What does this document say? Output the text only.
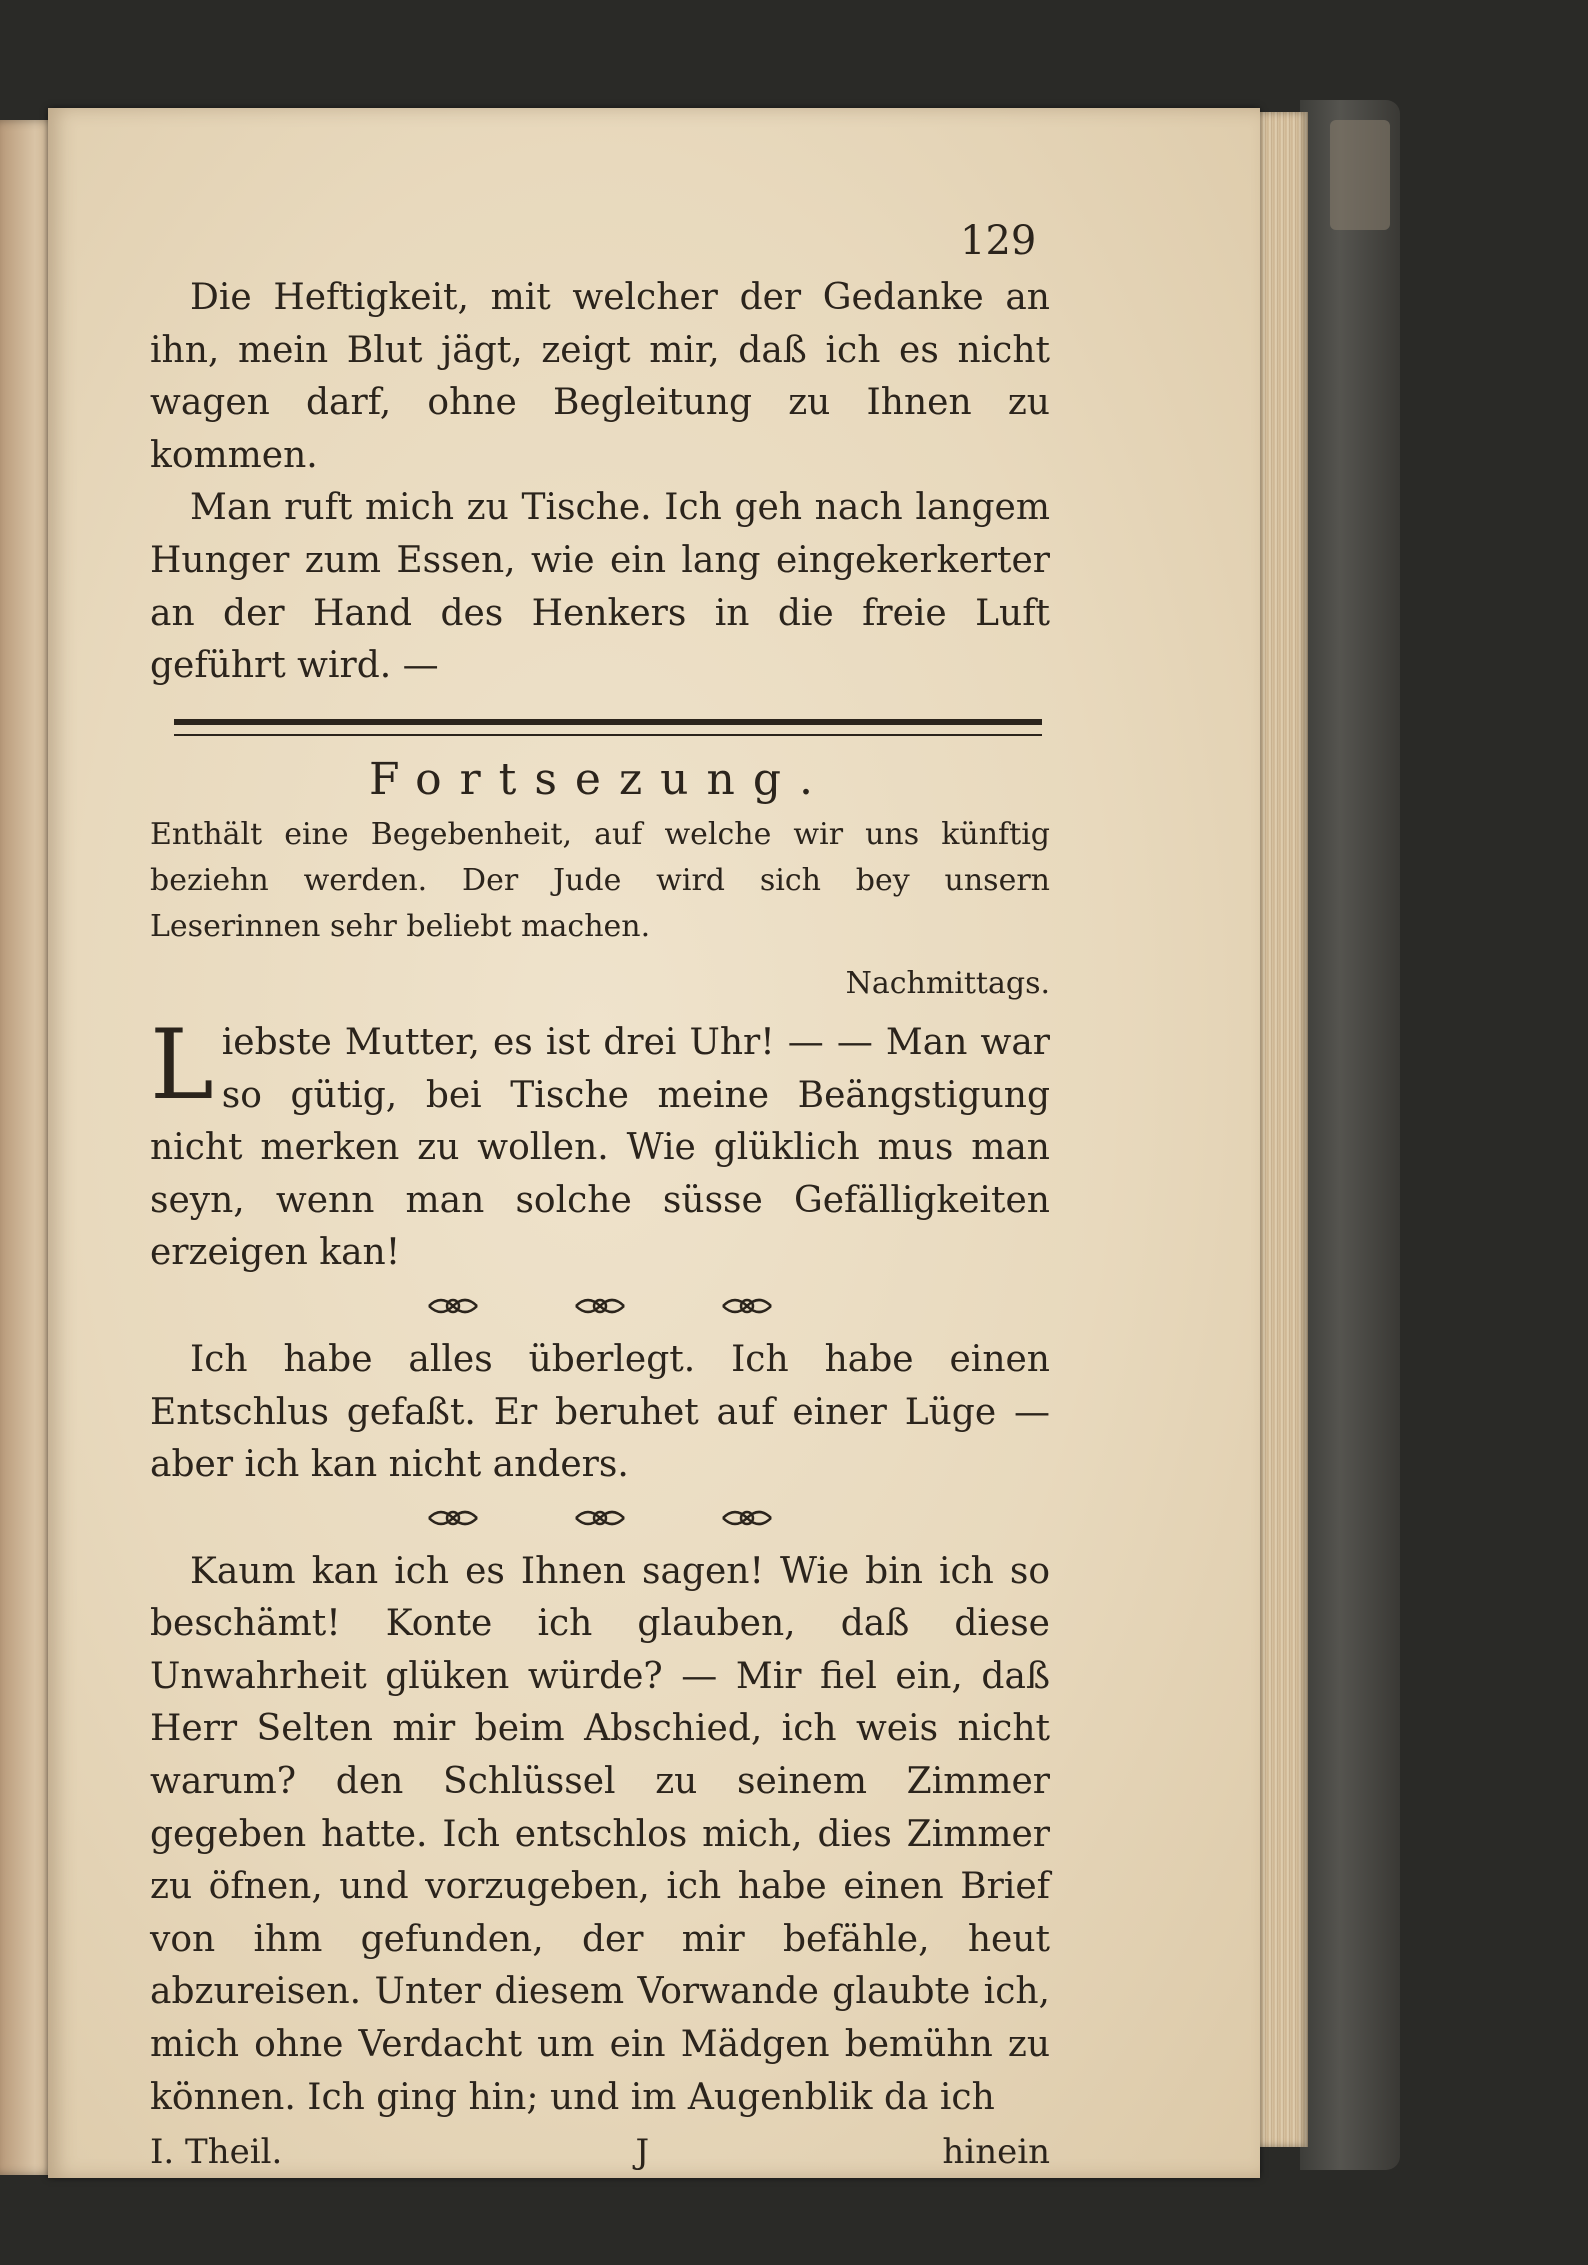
129

Die Heftigkeit, mit welcher der Gedanke an ihn, mein Blut jägt, zeigt mir, daß ich es nicht wagen darf, ohne Begleitung zu Ihnen zu kommen.

Man ruft mich zu Tische. Ich geh nach langem Hunger zum Essen, wie ein lang eingekerkerter an der Hand des Henkers in die freie Luft geführt wird. —

Fortsezung.

Enthält eine Begebenheit, auf welche wir uns künftig beziehn werden. Der Jude wird sich bey unsern Leserinnen sehr beliebt machen.

Nachmittags.

Liebste Mutter, es ist drei Uhr! — — Man war so gütig, bei Tische meine Beängstigung nicht merken zu wollen. Wie glüklich mus man seyn, wenn man solche süsse Gefälligkeiten erzeigen kan!

Ich habe alles überlegt. Ich habe einen Entschlus gefaßt. Er beruhet auf einer Lüge — aber ich kan nicht anders.

Kaum kan ich es Ihnen sagen! Wie bin ich so beschämt! Konte ich glauben, daß diese Unwahrheit glüken würde? — Mir fiel ein, daß Herr Selten mir beim Abschied, ich weis nicht warum? den Schlüssel zu seinem Zimmer gegeben hatte. Ich entschlos mich, dies Zimmer zu öfnen, und vorzugeben, ich habe einen Brief von ihm gefunden, der mir befähle, heut abzureisen. Unter diesem Vorwande glaubte ich, mich ohne Verdacht um ein Mädgen bemühn zu können. Ich ging hin; und im Augenblik da ich

I. Theil.	J	hinein
